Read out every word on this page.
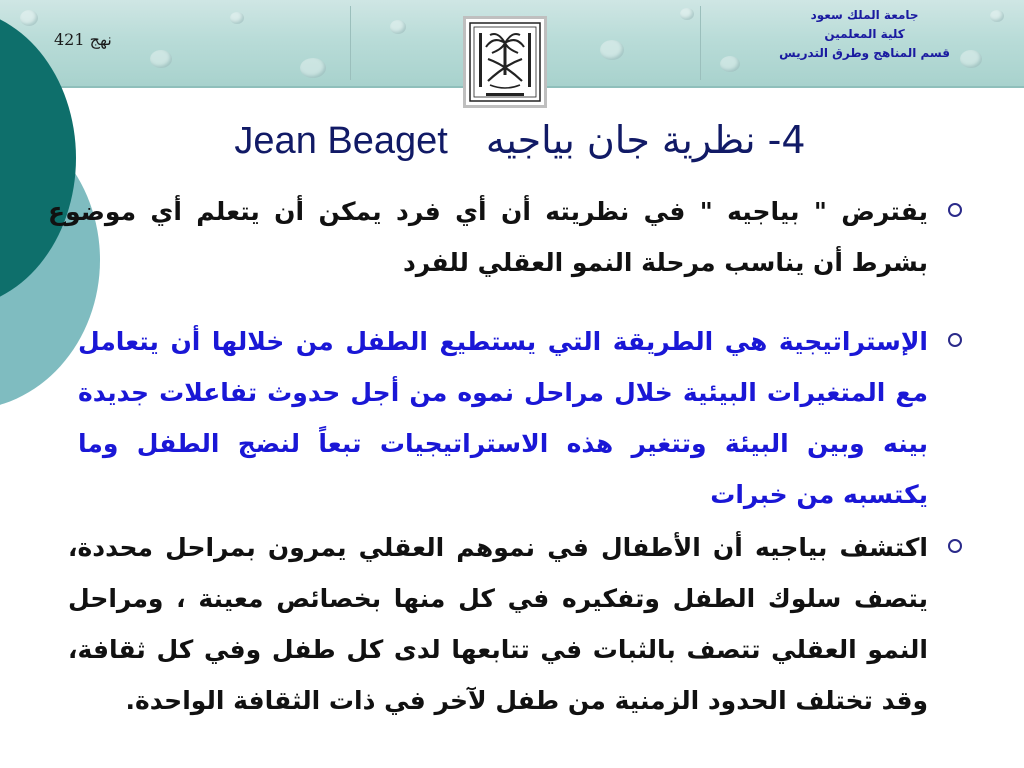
نهج 421
جامعة الملك سعود
كلية المعلمين
قسم المناهج وطرق التدريس
Jean Beaget 4- نظرية جان بياجيه
يفترض " بياجيه " في نظريته أن أي فرد يمكن أن يتعلم أي موضوع بشرط أن يناسب مرحلة النمو العقلي للفرد
الإستراتيجية هي الطريقة التي يستطيع الطفل من خلالها أن يتعامل مع المتغيرات البيئية خلال مراحل نموه من أجل حدوث تفاعلات جديدة بينه وبين البيئة وتتغير هذه الاستراتيجيات تبعاً لنضج الطفل وما يكتسبه من خبرات
اكتشف بياجيه أن الأطفال في نموهم العقلي يمرون بمراحل محددة، يتصف سلوك الطفل وتفكيره في كل منها بخصائص معينة ، ومراحل النمو العقلي تتصف بالثبات في تتابعها لدى كل طفل وفي كل ثقافة، وقد تختلف الحدود الزمنية من طفل لآخر في ذات الثقافة الواحدة.
